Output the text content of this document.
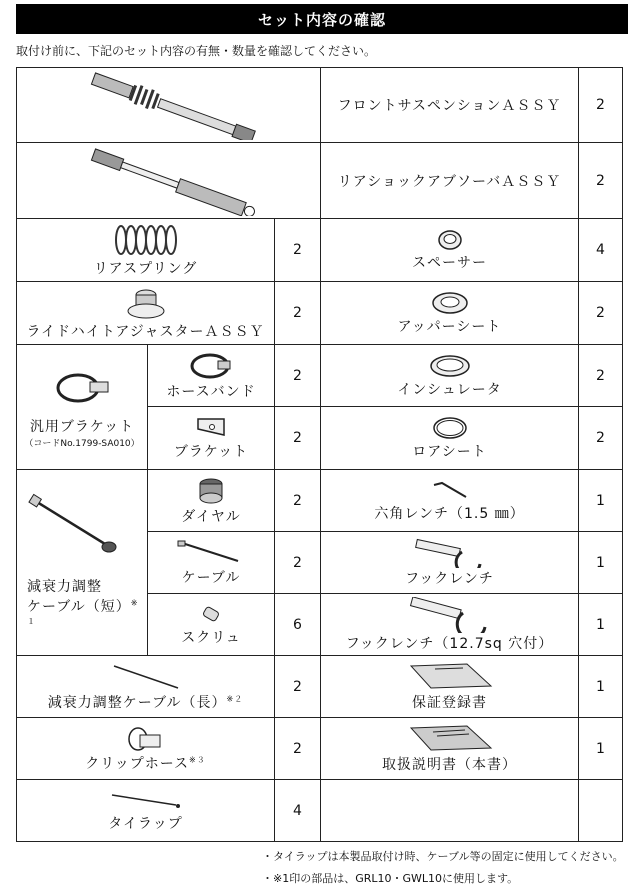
セット内容の確認
取付け前に、下記のセット内容の有無・数量を確認してください。
	フロントサスペンションＡＳＳＹ	2

	リアショックアブソーバＡＳＳＹ	2

リアスプリング		2	スペーサー	4

ライドハイトアジャスターＡＳＳＹ		2	アッパーシート	2

汎用ブラケット
（コードNo.1799-SA010）	ホースバンド	2	インシュレータ	2

	ブラケット	2	ロアシート	2

減衰力調整
ケーブル（短）$^{※1}$	ダイヤル	2	六角レンチ（1.5 ㎜）	1

	ケーブル	2	フックレンチ	1

	スクリュ	6	フックレンチ（12.7sq 穴付）	1

減衰力調整ケーブル（長）$^{※2}$		2	保証登録書	1

クリップホース$^{※3}$		2	取扱説明書（本書）	1

タイラップ		4		
・タイラップは本製品取付け時、ケーブル等の固定に使用してください。
・※1印の部品は、GRL10・GWL10に使用します。
